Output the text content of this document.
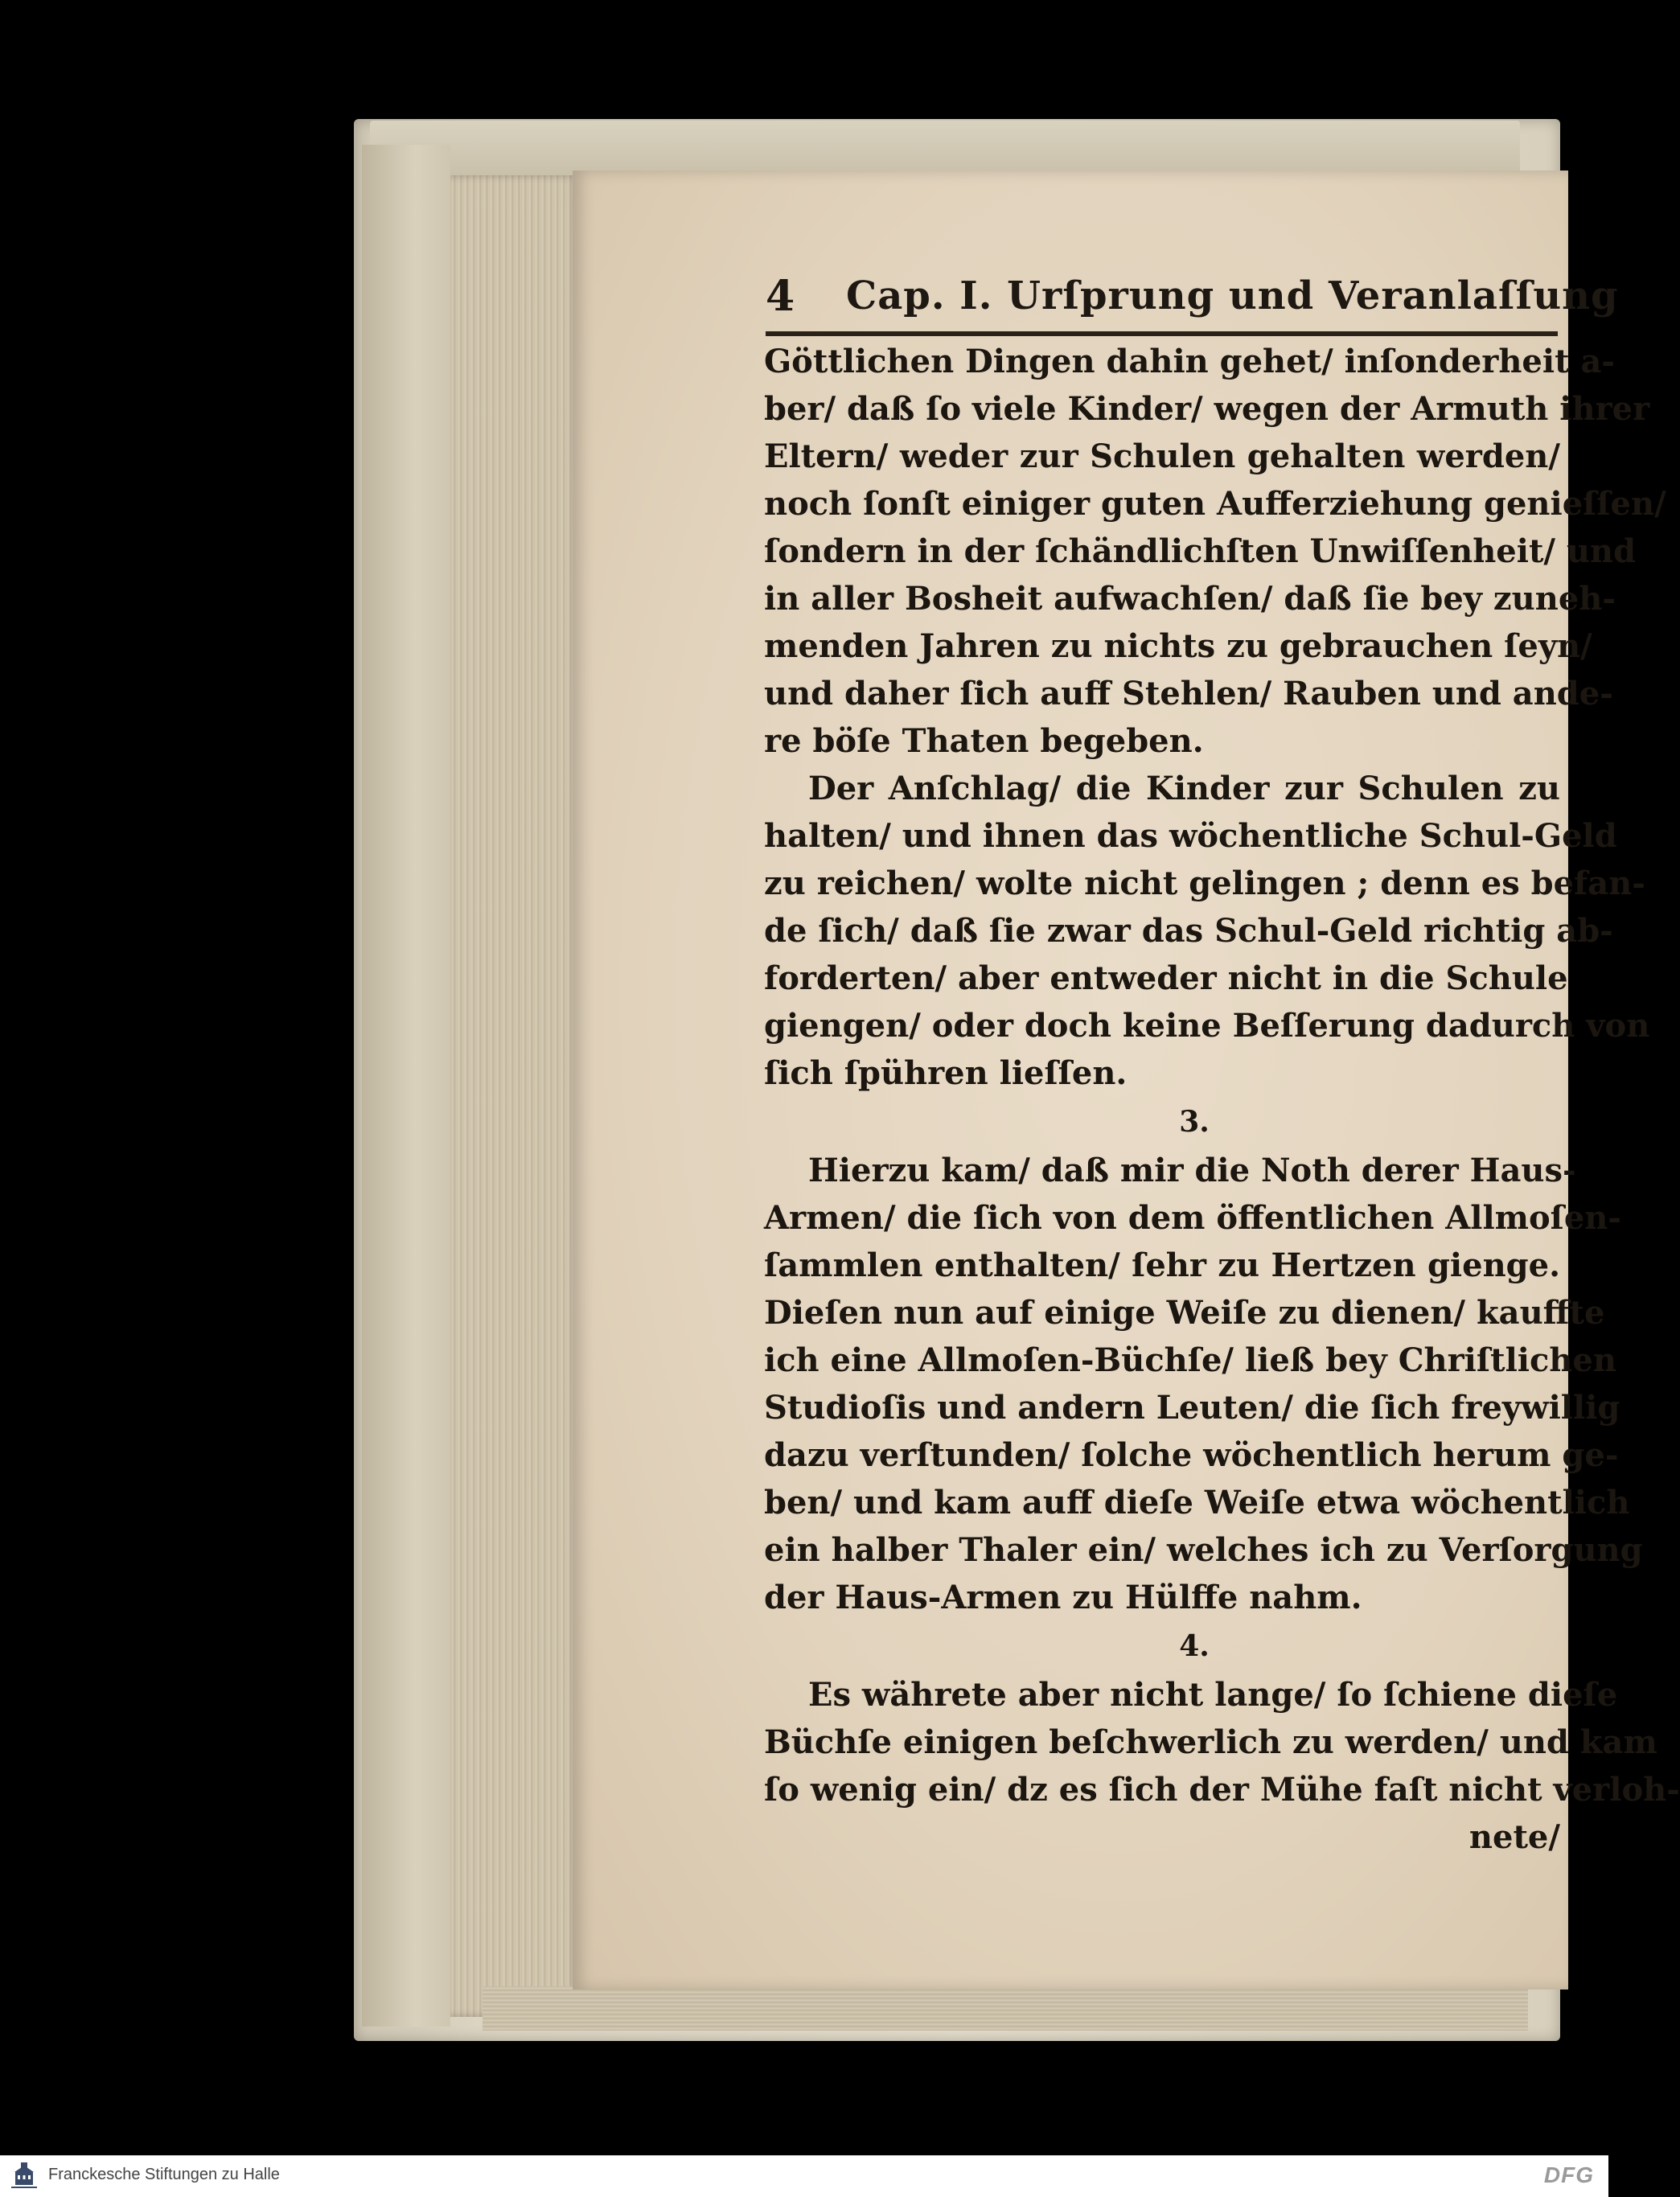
4 Cap. I. Urſprung und Veranlaſſung
Göttlichen Dingen dahin gehet/ inſonderheit a-
ber/ daß ſo viele Kinder/ wegen der Armuth ihrer
Eltern/ weder zur Schulen gehalten werden/
noch ſonſt einiger guten Aufferziehung genieſſen/
ſondern in der ſchändlichſten Unwiſſenheit/ und
in aller Bosheit aufwachſen/ daß ſie bey zuneh-
menden Jahren zu nichts zu gebrauchen ſeyn/
und daher ſich auff Stehlen/ Rauben und ande-
re böſe Thaten begeben.
Der Anſchlag/ die Kinder zur Schulen zu
halten/ und ihnen das wöchentliche Schul-Geld
zu reichen/ wolte nicht gelingen ; denn es befan-
de ſich/ daß ſie zwar das Schul-Geld richtig ab-
forderten/ aber entweder nicht in die Schule
giengen/ oder doch keine Beſſerung dadurch von
ſich ſpühren lieſſen.
3.
Hierzu kam/ daß mir die Noth derer Haus-
Armen/ die ſich von dem öffentlichen Allmoſen-
ſammlen enthalten/ ſehr zu Hertzen gienge.
Dieſen nun auf einige Weiſe zu dienen/ kauffte
ich eine Allmoſen-Büchſe/ ließ bey Chriſtlichen
Studioſis und andern Leuten/ die ſich freywillig
dazu verſtunden/ ſolche wöchentlich herum ge-
ben/ und kam auff dieſe Weiſe etwa wöchentlich
ein halber Thaler ein/ welches ich zu Verſorgung
der Haus-Armen zu Hülffe nahm.
4.
Es währete aber nicht lange/ ſo ſchiene dieſe
Büchſe einigen beſchwerlich zu werden/ und kam
ſo wenig ein/ dz es ſich der Mühe faſt nicht verloh-
nete/
Franckesche Stiftungen zu Halle	DFG
